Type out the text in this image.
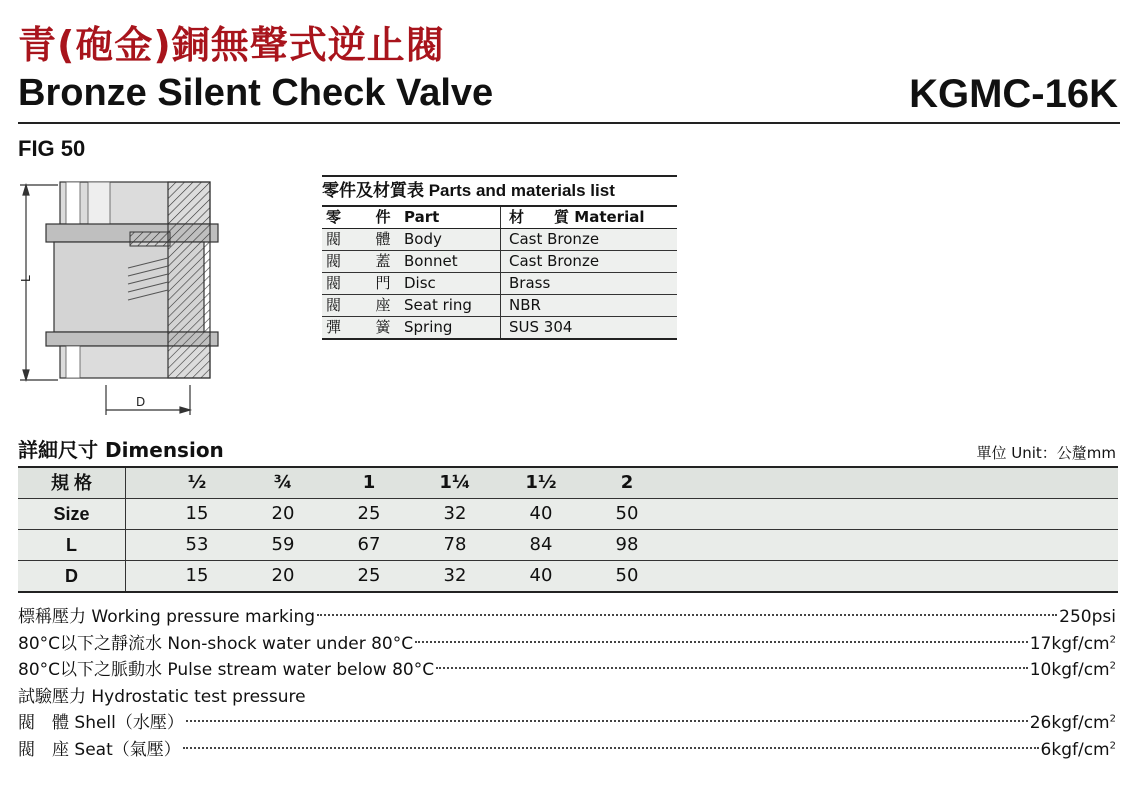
青(砲金)銅無聲式逆止閥
Bronze Silent Check Valve	KGMC-16K
FIG 50
L
D
零件及材質表 Parts and materials list
零	件 Part	材　　 質 Material
閥	體 Body	Cast Bronze
閥	蓋 Bonnet	Cast Bronze
閥	門 Disc	Brass
閥	座 Seat ring	NBR
彈	簧 Spring	SUS 304
詳細尺寸 Dimension	單位 Unit：公釐mm
規 格	½	¾	1	1¼	1½	2
Size	15	20	25	32	40	50
L	53	59	67	78	84	98
D	15	20	25	32	40	50
標稱壓力 Working pressure marking	250psi
80°C以下之靜流水 Non-shock water under 80°C	$17kgf/cm^2$
80°C以下之脈動水 Pulse stream water below 80°C	$10kgf/cm^2$
試驗壓力 Hydrostatic test pressure
閥　體 Shell（水壓）	$26kgf/cm^2$
閥　座 Seat（氣壓）	$6kgf/cm^2$
